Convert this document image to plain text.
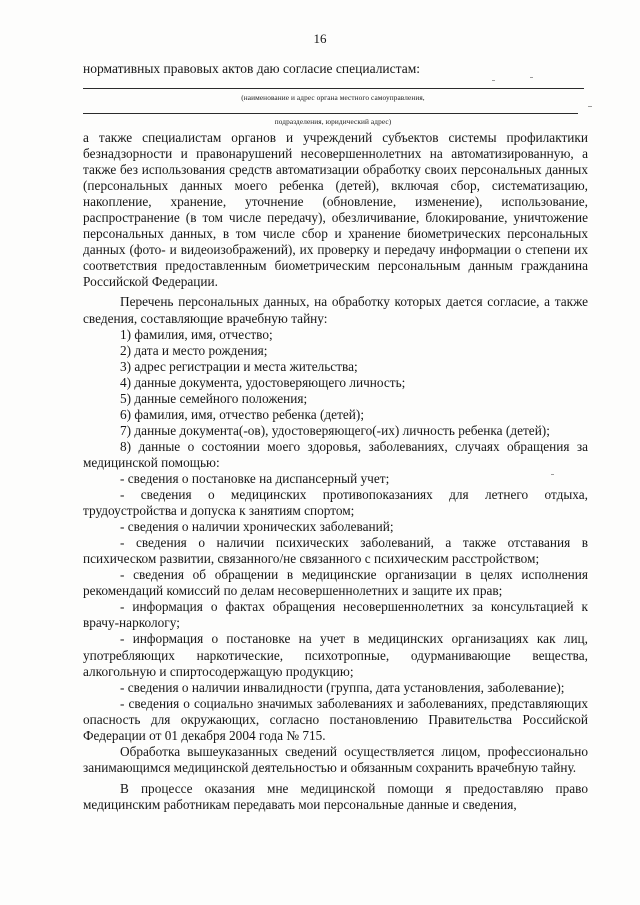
16
нормативных правовых актов даю согласие специалистам:
(наименование и адрес органа местного самоуправления,
подразделения, юридический адрес)

а также специалистам органов и учреждений субъектов системы профилактики безнадзорности и правонарушений несовершеннолетних на автоматизированную, а также без использования средств автоматизации обработку своих персональных данных (персональных данных моего ребенка (детей), включая сбор, систематизацию, накопление, хранение, уточнение (обновление, изменение), использование, распространение (в том числе передачу), обезличивание, блокирование, уничтожение персональных данных, в том числе сбор и хранение биометрических персональных данных (фото- и видеоизображений), их проверку и передачу информации о степени их соответствия предоставленным биометрическим персональным данным гражданина Российской Федерации.

Перечень персональных данных, на обработку которых дается согласие, а также сведения, составляющие врачебную тайну:

1) фамилия, имя, отчество;

2) дата и место рождения;

3) адрес регистрации и места жительства;

4) данные документа, удостоверяющего личность;

5) данные семейного положения;

6) фамилия, имя, отчество ребенка (детей);

7) данные документа(-ов), удостоверяющего(-их) личность ребенка (детей);

8) данные о состоянии моего здоровья, заболеваниях, случаях обращения за медицинской помощью:

- сведения о постановке на диспансерный учет;

- сведения о медицинских противопоказаниях для летнего отдыха, трудоустройства и допуска к занятиям спортом;

- сведения о наличии хронических заболеваний;

- сведения о наличии психических заболеваний, а также отставания в психическом развитии, связанного/не связанного с психическим расстройством;

- сведения об обращении в медицинские организации в целях исполнения рекомендаций комиссий по делам несовершеннолетних и защите их прав;

- информация о фактах обращения несовершеннолетних за консультацией к врачу-наркологу;

- информация о постановке на учет в медицинских организациях как лиц, употребляющих наркотические, психотропные, одурманивающие вещества, алкогольную и спиртосодержащую продукцию;

- сведения о наличии инвалидности (группа, дата установления, заболевание);

- сведения о социально значимых заболеваниях и заболеваниях, представляющих опасность для окружающих, согласно постановлению Правительства Российской Федерации от 01 декабря 2004 года № 715.

Обработка вышеуказанных сведений осуществляется лицом, профессионально занимающимся медицинской деятельностью и обязанным сохранить врачебную тайну.

В процессе оказания мне медицинской помощи я предоставляю право медицинским работникам передавать мои персональные данные и сведения,
